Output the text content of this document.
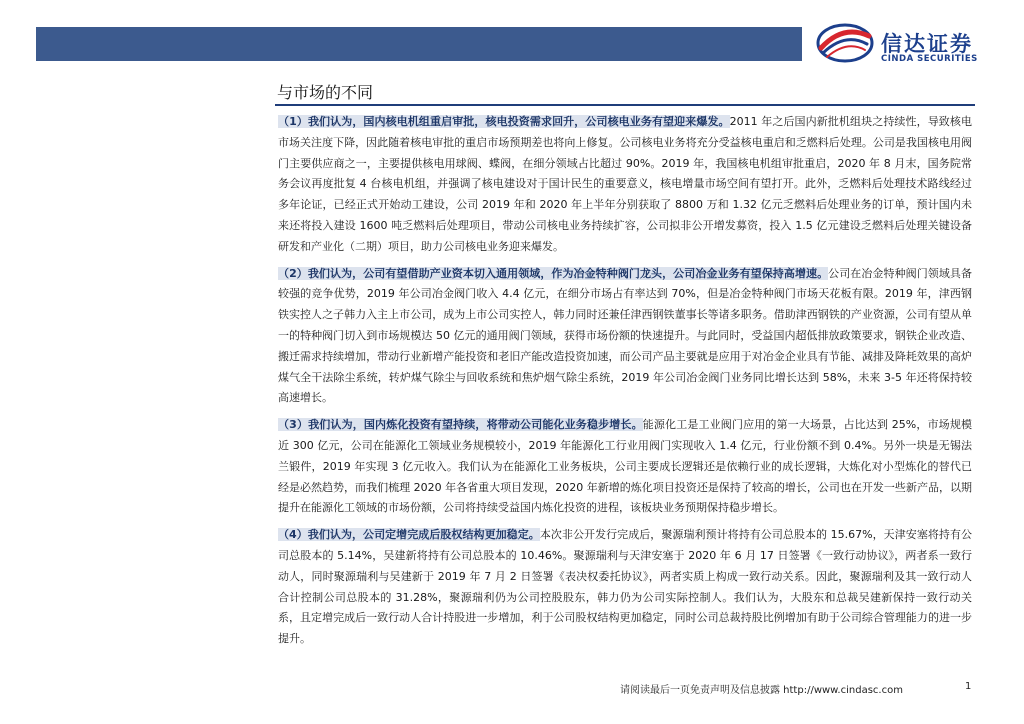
信达证券
CINDA SECURITIES
与市场的不同

（1）我们认为，国内核电机组重启审批，核电投资需求回升，公司核电业务有望迎来爆发。2011 年之后国内新批机组块之持续性，导致核电市场关注度下降，因此随着核电审批的重启市场预期差也将向上修复。公司核电业务将充分受益核电重启和乏燃料后处理。公司是我国核电用阀门主要供应商之一，主要提供核电用球阀、蝶阀，在细分领域占比超过 90%。2019 年，我国核电机组审批重启，2020 年 8 月末，国务院常务会议再度批复 4 台核电机组，并强调了核电建设对于国计民生的重要意义，核电增量市场空间有望打开。此外，乏燃料后处理技术路线经过多年论证，已经正式开始动工建设，公司 2019 年和 2020 年上半年分别获取了 8800 万和 1.32 亿元乏燃料后处理业务的订单，预计国内未来还将投入建设 1600 吨乏燃料后处理项目，带动公司核电业务持续扩容，公司拟非公开增发募资，投入 1.5 亿元建设乏燃料后处理关键设备研发和产业化（二期）项目，助力公司核电业务迎来爆发。

（2）我们认为，公司有望借助产业资本切入通用领域，作为冶金特种阀门龙头，公司冶金业务有望保持高增速。公司在冶金特种阀门领域具备较强的竞争优势，2019 年公司冶金阀门收入 4.4 亿元，在细分市场占有率达到 70%，但是冶金特种阀门市场天花板有限。2019 年，津西钢铁实控人之子韩力入主上市公司，成为上市公司实控人，韩力同时还兼任津西钢铁董事长等诸多职务。借助津西钢铁的产业资源，公司有望从单一的特种阀门切入到市场规模达 50 亿元的通用阀门领域，获得市场份额的快速提升。与此同时，受益国内超低排放政策要求，钢铁企业改造、搬迁需求持续增加，带动行业新增产能投资和老旧产能改造投资加速，而公司产品主要就是应用于对冶金企业具有节能、减排及降耗效果的高炉煤气全干法除尘系统，转炉煤气除尘与回收系统和焦炉烟气除尘系统，2019 年公司冶金阀门业务同比增长达到 58%，未来 3-5 年还将保持较高速增长。

（3）我们认为，国内炼化投资有望持续，将带动公司能化业务稳步增长。能源化工是工业阀门应用的第一大场景，占比达到 25%，市场规模近 300 亿元，公司在能源化工领域业务规模较小，2019 年能源化工行业用阀门实现收入 1.4 亿元，行业份额不到 0.4%。另外一块是无锡法兰锻件，2019 年实现 3 亿元收入。我们认为在能源化工业务板块，公司主要成长逻辑还是依赖行业的成长逻辑，大炼化对小型炼化的替代已经是必然趋势，而我们梳理 2020 年各省重大项目发现，2020 年新增的炼化项目投资还是保持了较高的增长，公司也在开发一些新产品，以期提升在能源化工领域的市场份额，公司将持续受益国内炼化投资的进程，该板块业务预期保持稳步增长。

（4）我们认为，公司定增完成后股权结构更加稳定。本次非公开发行完成后，聚源瑞利预计将持有公司总股本的 15.67%，天津安塞将持有公司总股本的 5.14%，吴建新将持有公司总股本的 10.46%。聚源瑞利与天津安塞于 2020 年 6 月 17 日签署《一致行动协议》，两者系一致行动人，同时聚源瑞利与吴建新于 2019 年 7 月 2 日签署《表决权委托协议》，两者实质上构成一致行动关系。因此，聚源瑞利及其一致行动人合计控制公司总股本的 31.28%，聚源瑞利仍为公司控股股东，韩力仍为公司实际控制人。我们认为，大股东和总裁吴建新保持一致行动关系，且定增完成后一致行动人合计持股进一步增加，利于公司股权结构更加稳定，同时公司总裁持股比例增加有助于公司综合管理能力的进一步提升。

请阅读最后一页免责声明及信息披露 http://www.cindasc.com	1
